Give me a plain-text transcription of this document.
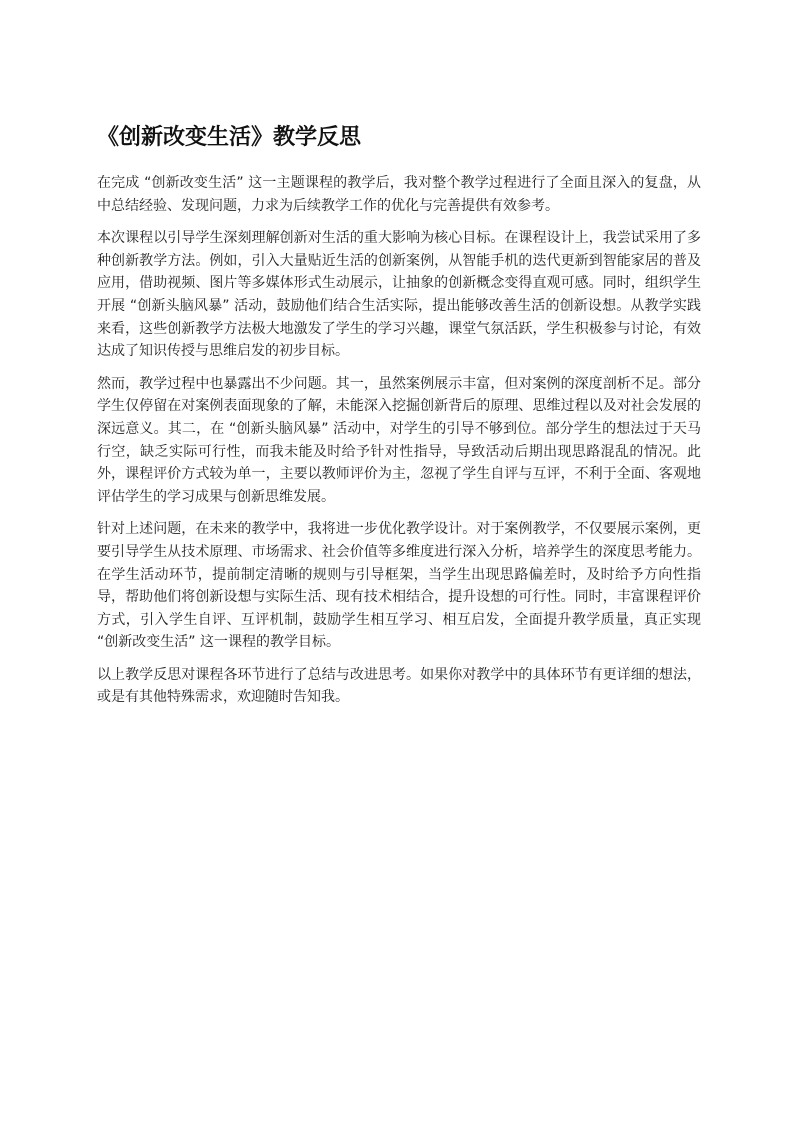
《创新改变生活》教学反思

在完成 “创新改变生活” 这一主题课程的教学后，我对整个教学过程进行了全面且深入的复盘，从中总结经验、发现问题，力求为后续教学工作的优化与完善提供有效参考。

本次课程以引导学生深刻理解创新对生活的重大影响为核心目标。在课程设计上，我尝试采用了多种创新教学方法。例如，引入大量贴近生活的创新案例，从智能手机的迭代更新到智能家居的普及应用，借助视频、图片等多媒体形式生动展示，让抽象的创新概念变得直观可感。同时，组织学生开展 “创新头脑风暴” 活动，鼓励他们结合生活实际，提出能够改善生活的创新设想。从教学实践来看，这些创新教学方法极大地激发了学生的学习兴趣，课堂气氛活跃，学生积极参与讨论，有效达成了知识传授与思维启发的初步目标。

然而，教学过程中也暴露出不少问题。其一，虽然案例展示丰富，但对案例的深度剖析不足。部分学生仅停留在对案例表面现象的了解，未能深入挖掘创新背后的原理、思维过程以及对社会发展的深远意义。其二，在 “创新头脑风暴” 活动中，对学生的引导不够到位。部分学生的想法过于天马行空，缺乏实际可行性，而我未能及时给予针对性指导，导致活动后期出现思路混乱的情况。此外，课程评价方式较为单一，主要以教师评价为主，忽视了学生自评与互评，不利于全面、客观地评估学生的学习成果与创新思维发展。

针对上述问题，在未来的教学中，我将进一步优化教学设计。对于案例教学，不仅要展示案例，更要引导学生从技术原理、市场需求、社会价值等多维度进行深入分析，培养学生的深度思考能力。在学生活动环节，提前制定清晰的规则与引导框架，当学生出现思路偏差时，及时给予方向性指导，帮助他们将创新设想与实际生活、现有技术相结合，提升设想的可行性。同时，丰富课程评价方式，引入学生自评、互评机制，鼓励学生相互学习、相互启发，全面提升教学质量，真正实现 “创新改变生活” 这一课程的教学目标。

以上教学反思对课程各环节进行了总结与改进思考。如果你对教学中的具体环节有更详细的想法，或是有其他特殊需求，欢迎随时告知我。
